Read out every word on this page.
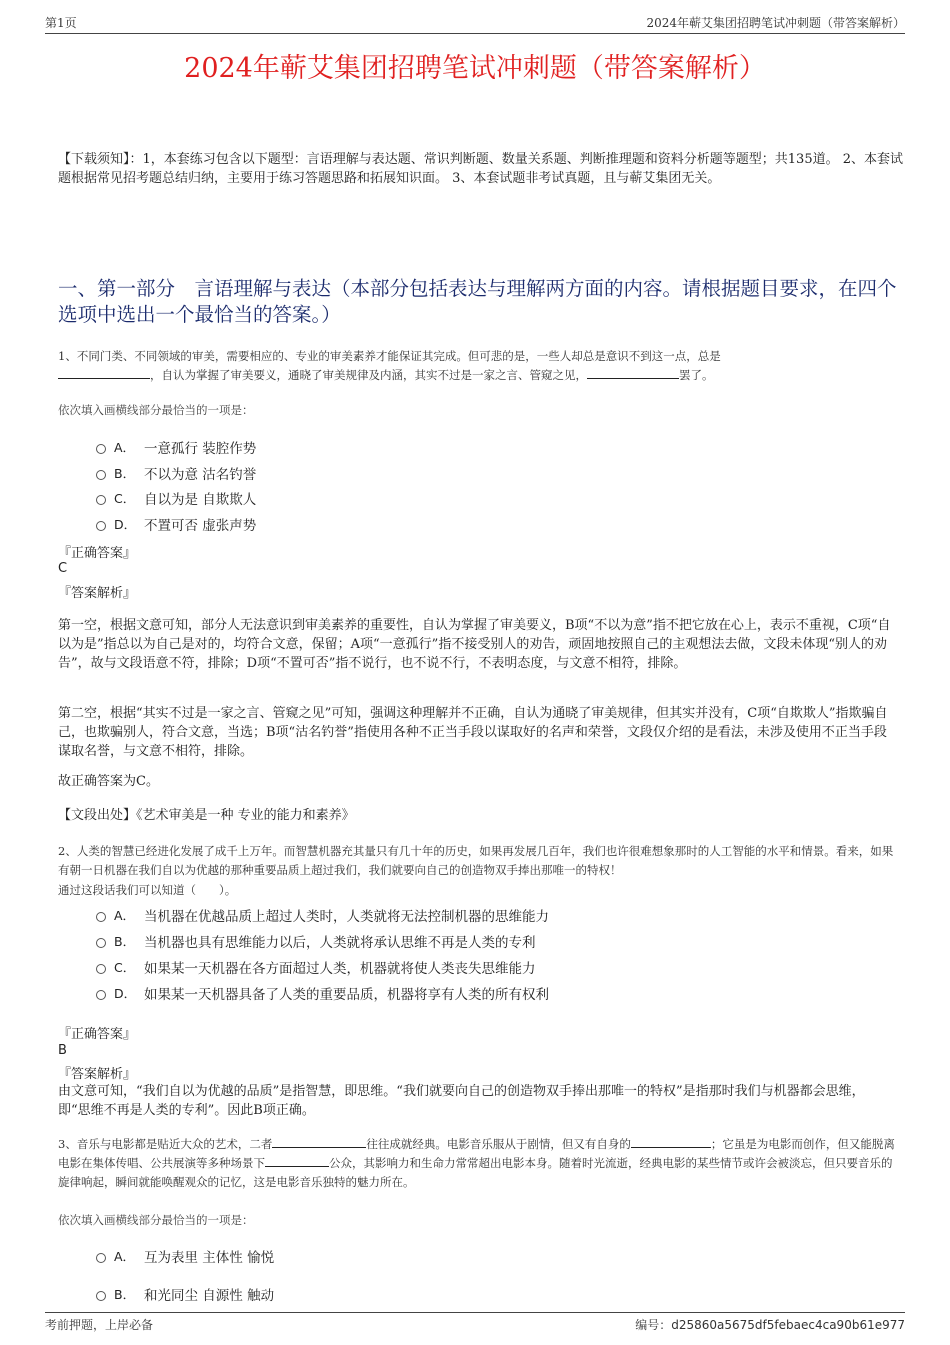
第1页	2024年蕲艾集团招聘笔试冲刺题（带答案解析）
2024年蕲艾集团招聘笔试冲刺题（带答案解析）
【下载须知】：1，本套练习包含以下题型：言语理解与表达题、常识判断题、数量关系题、判断推理题和资料分析题等题型；共135道。 2、本套试题根据常见招考题总结归纳，主要用于练习答题思路和拓展知识面。 3、本套试题非考试真题，且与蕲艾集团无关。
一、第一部分　言语理解与表达（本部分包括表达与理解两方面的内容。请根据题目要求，在四个选项中选出一个最恰当的答案。）
1、不同门类、不同领域的审美，需要相应的、专业的审美素养才能保证其完成。但可悲的是，一些人却总是意识不到这一点，总是
，自认为掌握了审美要义，通晓了审美规律及内涵，其实不过是一家之言、管窥之见，	罢了。
依次填入画横线部分最恰当的一项是：
A． 一意孤行 装腔作势
B． 不以为意 沽名钓誉
C． 自以为是 自欺欺人
D． 不置可否 虚张声势
『正确答案』
C
『答案解析』
第一空，根据文意可知，部分人无法意识到审美素养的重要性，自认为掌握了审美要义，B项“不以为意”指不把它放在心上，表示不重视，C项“自以为是”指总以为自己是对的，均符合文意，保留；A项“一意孤行”指不接受别人的劝告，顽固地按照自己的主观想法去做，文段未体现“别人的劝告”，故与文段语意不符，排除；D项“不置可否”指不说行，也不说不行，不表明态度，与文意不相符，排除。
第二空，根据“其实不过是一家之言、管窥之见”可知，强调这种理解并不正确，自认为通晓了审美规律，但其实并没有，C项“自欺欺人”指欺骗自己，也欺骗别人，符合文意，当选；B项“沽名钓誉”指使用各种不正当手段以谋取好的名声和荣誉，文段仅介绍的是看法，未涉及使用不正当手段谋取名誉，与文意不相符，排除。
故正确答案为C。
【文段出处】《艺术审美是一种 专业的能力和素养》
2、人类的智慧已经进化发展了成千上万年。而智慧机器充其量只有几十年的历史，如果再发展几百年，我们也许很难想象那时的人工智能的水平和情景。看来，如果有朝一日机器在我们自以为优越的那种重要品质上超过我们，我们就要向自己的创造物双手捧出那唯一的特权！
通过这段话我们可以知道（　　）。
A． 当机器在优越品质上超过人类时，人类就将无法控制机器的思维能力
B． 当机器也具有思维能力以后，人类就将承认思维不再是人类的专利
C． 如果某一天机器在各方面超过人类，机器就将使人类丧失思维能力
D． 如果某一天机器具备了人类的重要品质，机器将享有人类的所有权利
『正确答案』
B
『答案解析』
由文意可知，“我们自以为优越的品质”是指智慧，即思维。“我们就要向自己的创造物双手捧出那唯一的特权”是指那时我们与机器都会思维，即“思维不再是人类的专利”。因此B项正确。
3、音乐与电影都是贴近大众的艺术，二者	往往成就经典。电影音乐服从于剧情，但又有自身的	；它虽是为电影而创作，但又能脱离电影在集体传唱、公共展演等多种场景下	公众，其影响力和生命力常常超出电影本身。随着时光流逝，经典电影的某些情节或许会被淡忘，但只要音乐的旋律响起，瞬间就能唤醒观众的记忆，这是电影音乐独特的魅力所在。
依次填入画横线部分最恰当的一项是：
A． 互为表里 主体性 愉悦
B． 和光同尘 自源性 触动
考前押题，上岸必备	编号：d25860a5675df5febaec4ca90b61e977
